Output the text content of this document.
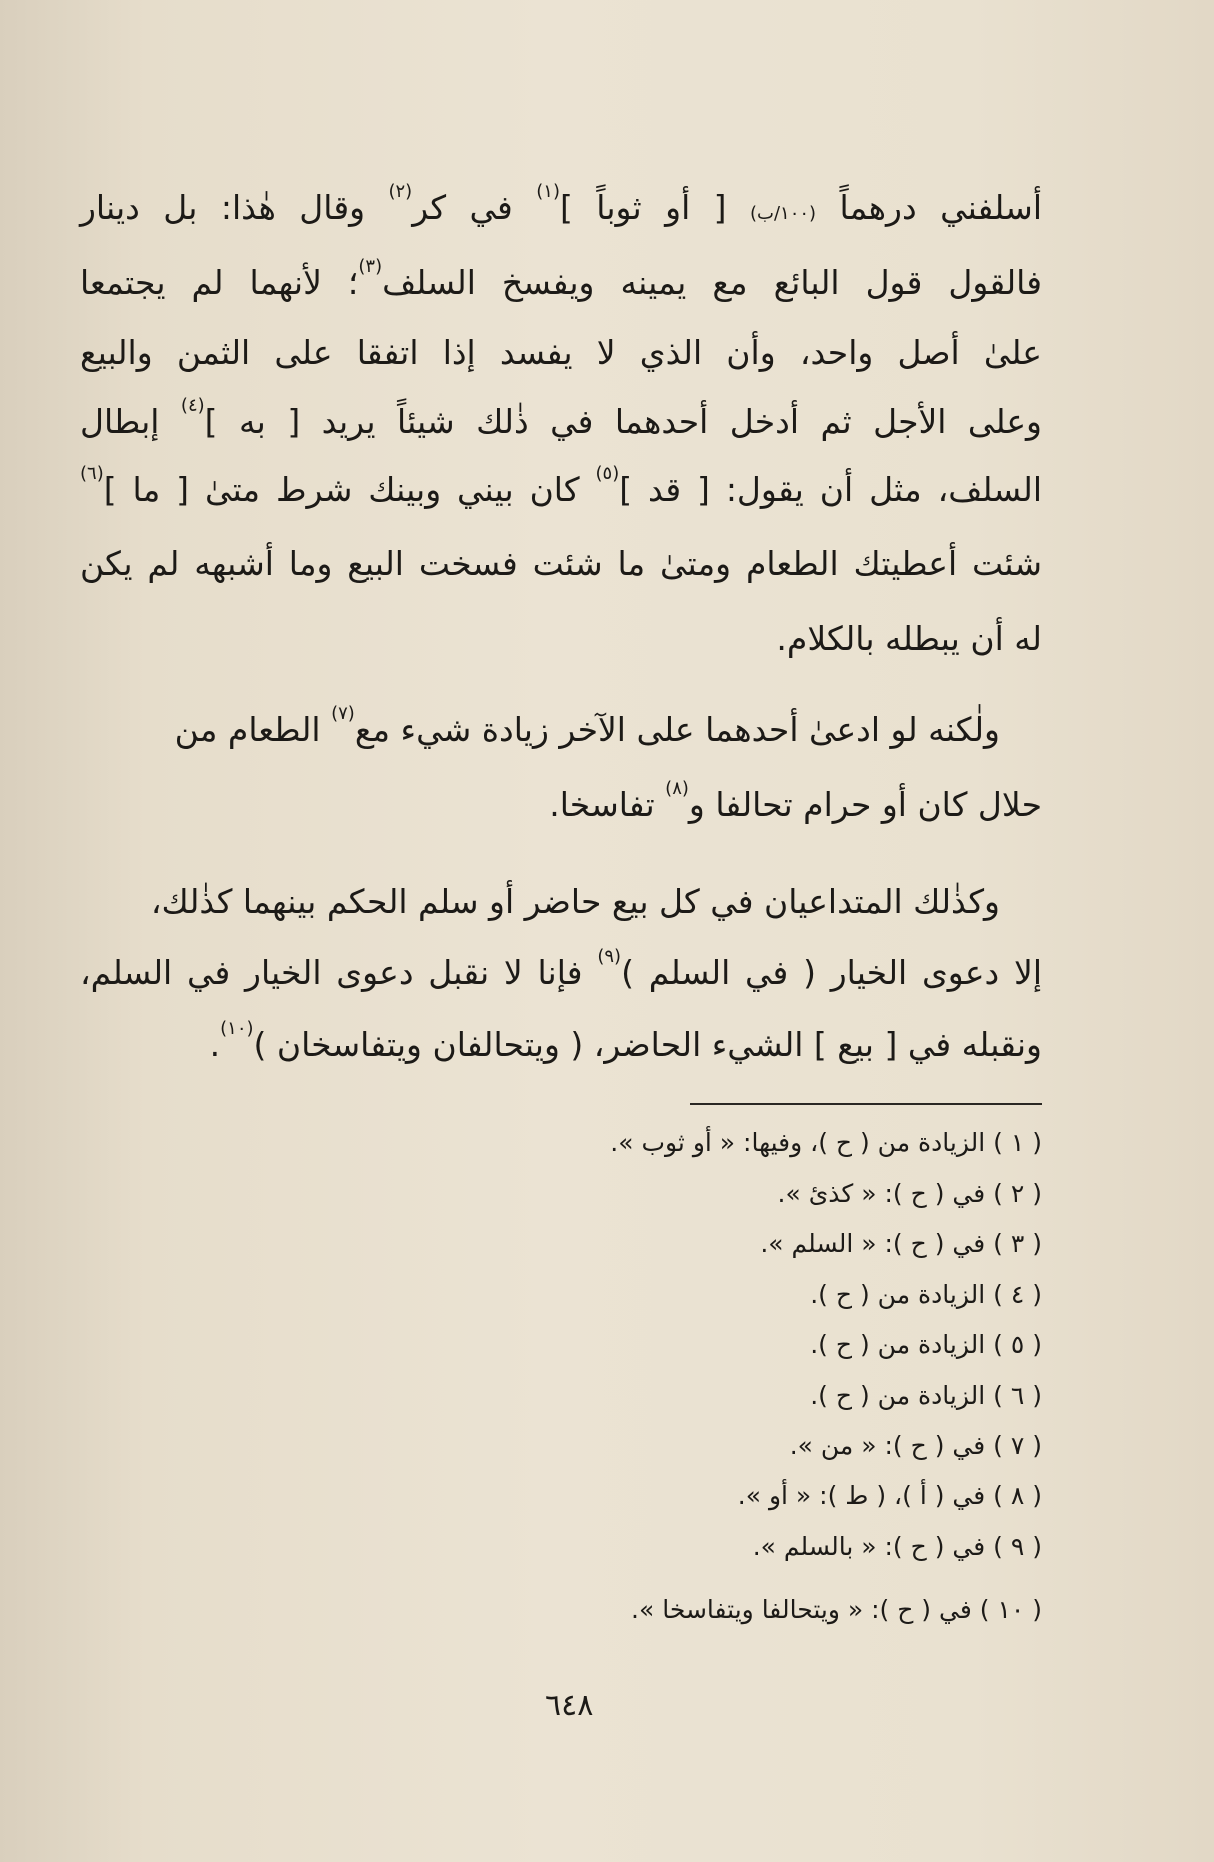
أسلفني درهماً (١٠٠/ب) [ أو ثوباً ]$^{(١)}$ في كر$^{(٢)}$ وقال هٰذا: بل دينار
فالقول قول البائع مع يمينه ويفسخ السلف$^{(٣)}$؛ لأنهما لم يجتمعا
علىٰ أصل واحد، وأن الذي لا يفسد إذا اتفقا على الثمن والبيع
وعلى الأجل ثم أدخل أحدهما في ذٰلك شيئاً يريد [ به ]$^{(٤)}$ إبطال
السلف، مثل أن يقول: [ قد ]$^{(٥)}$ كان بيني وبينك شرط متىٰ [ ما ]$^{(٦)}$
شئت أعطيتك الطعام ومتىٰ ما شئت فسخت البيع وما أشبهه لم يكن
له أن يبطله بالكلام.
ولٰكنه لو ادعىٰ أحدهما على الآخر زيادة شيء مع$^{(٧)}$ الطعام من
حلال كان أو حرام تحالفا و$^{(٨)}$ تفاسخا.
وكذٰلك المتداعيان في كل بيع حاضر أو سلم الحكم بينهما كذٰلك،
إلا دعوى الخيار ( في السلم )$^{(٩)}$ فإنا لا نقبل دعوى الخيار في السلم،
ونقبله في [ بيع ] الشيء الحاضر، ( ويتحالفان ويتفاسخان )$^{(١٠)}$.
( ١ ) الزيادة من ( ح )، وفيها: « أو ثوب ».
( ٢ ) في ( ح ): « كذئ ».
( ٣ ) في ( ح ): « السلم ».
( ٤ ) الزيادة من ( ح ).
( ٥ ) الزيادة من ( ح ).
( ٦ ) الزيادة من ( ح ).
( ٧ ) في ( ح ): « من ».
( ٨ ) في ( أ )، ( ط ): « أو ».
( ٩ ) في ( ح ): « بالسلم ».
( ١٠ ) في ( ح ): « ويتحالفا ويتفاسخا ».
٦٤٨
